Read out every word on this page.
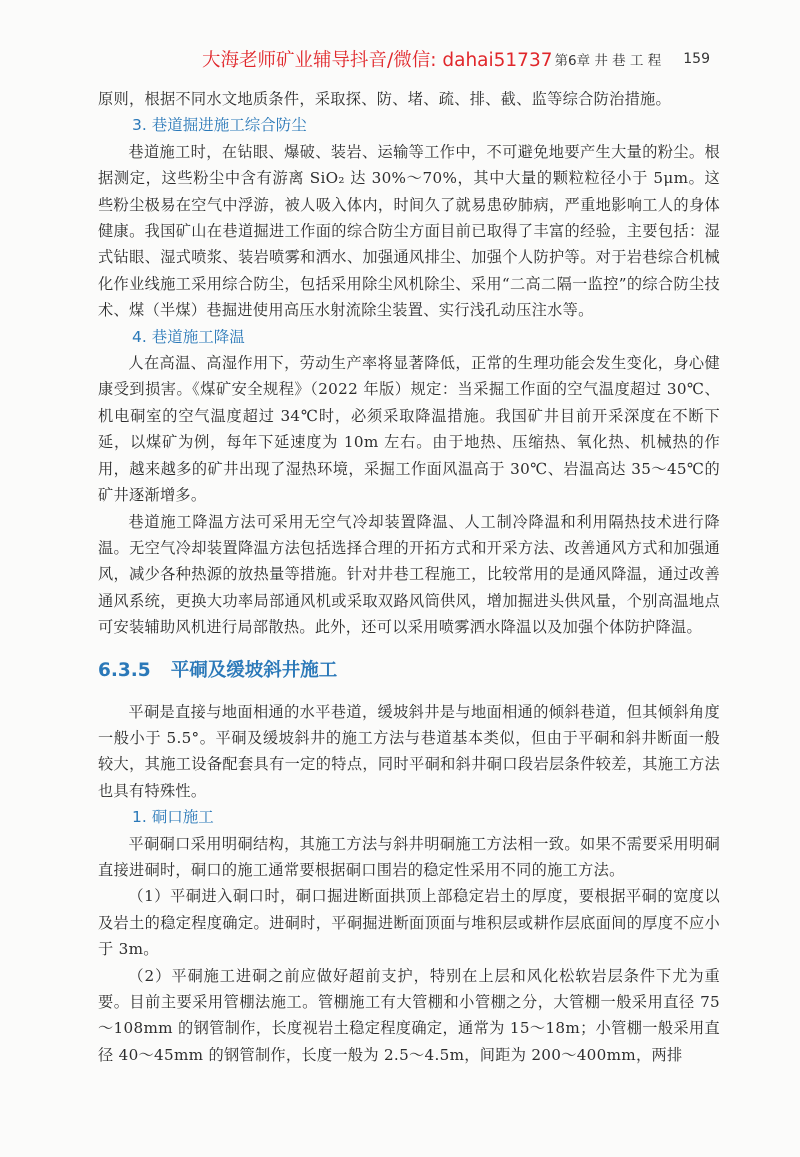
大海老师矿业辅导抖音/微信: dahai51737 第6章 井 巷 工 程 159

原则，根据不同水文地质条件，采取探、防、堵、疏、排、截、监等综合防治措施。

3. 巷道掘进施工综合防尘

巷道施工时，在钻眼、爆破、装岩、运输等工作中，不可避免地要产生大量的粉尘。根据测定，这些粉尘中含有游离 SiO₂ 达 30%～70%，其中大量的颗粒粒径小于 5μm。这些粉尘极易在空气中浮游，被人吸入体内，时间久了就易患矽肺病，严重地影响工人的身体健康。我国矿山在巷道掘进工作面的综合防尘方面目前已取得了丰富的经验，主要包括：湿式钻眼、湿式喷浆、装岩喷雾和洒水、加强通风排尘、加强个人防护等。对于岩巷综合机械化作业线施工采用综合防尘，包括采用除尘风机除尘、采用“二高二隔一监控”的综合防尘技术、煤（半煤）巷掘进使用高压水射流除尘装置、实行浅孔动压注水等。

4. 巷道施工降温

人在高温、高湿作用下，劳动生产率将显著降低，正常的生理功能会发生变化，身心健康受到损害。《煤矿安全规程》（2022 年版）规定：当采掘工作面的空气温度超过 30℃、机电硐室的空气温度超过 34℃时，必须采取降温措施。我国矿井目前开采深度在不断下延，以煤矿为例，每年下延速度为 10m 左右。由于地热、压缩热、氧化热、机械热的作用，越来越多的矿井出现了湿热环境，采掘工作面风温高于 30℃、岩温高达 35～45℃的矿井逐渐增多。

巷道施工降温方法可采用无空气冷却装置降温、人工制冷降温和利用隔热技术进行降温。无空气冷却装置降温方法包括选择合理的开拓方式和开采方法、改善通风方式和加强通风，减少各种热源的放热量等措施。针对井巷工程施工，比较常用的是通风降温，通过改善通风系统，更换大功率局部通风机或采取双路风筒供风，增加掘进头供风量，个别高温地点可安装辅助风机进行局部散热。此外，还可以采用喷雾洒水降温以及加强个体防护降温。

6.3.5 平硐及缓坡斜井施工

平硐是直接与地面相通的水平巷道，缓坡斜井是与地面相通的倾斜巷道，但其倾斜角度一般小于 5.5°。平硐及缓坡斜井的施工方法与巷道基本类似，但由于平硐和斜井断面一般较大，其施工设备配套具有一定的特点，同时平硐和斜井硐口段岩层条件较差，其施工方法也具有特殊性。

1. 硐口施工

平硐硐口采用明硐结构，其施工方法与斜井明硐施工方法相一致。如果不需要采用明硐直接进硐时，硐口的施工通常要根据硐口围岩的稳定性采用不同的施工方法。

（1）平硐进入硐口时，硐口掘进断面拱顶上部稳定岩土的厚度，要根据平硐的宽度以及岩土的稳定程度确定。进硐时，平硐掘进断面顶面与堆积层或耕作层底面间的厚度不应小于 3m。

（2）平硐施工进硐之前应做好超前支护，特别在上层和风化松软岩层条件下尤为重要。目前主要采用管棚法施工。管棚施工有大管棚和小管棚之分，大管棚一般采用直径 75～108mm 的钢管制作，长度视岩土稳定程度确定，通常为 15～18m；小管棚一般采用直径 40～45mm 的钢管制作，长度一般为 2.5～4.5m，间距为 200～400mm，两排
